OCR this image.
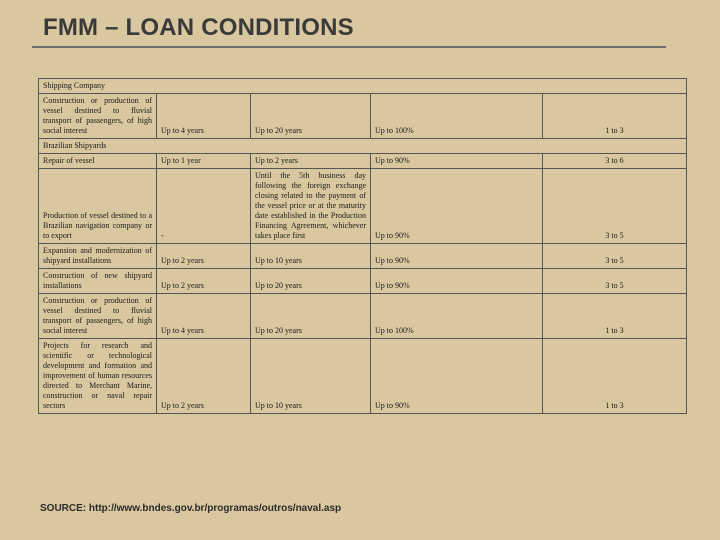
FMM – LOAN CONDITIONS
Shipping Company				
Construction or production of vessel destined to fluvial transport of passengers, of high social interest	Up to 4 years	Up to 20 years	Up to 100%	1 to 3
Brazilian Shipyards				
Repair of vessel	Up to 1 year	Up to 2 years	Up to 90%	3 to 6
Production of vessel destined to a Brazilian navigation company or to export	-	Until the 5th business day following the foreign exchange closing related to the payment of the vessel price or at the maturity date established in the Production Financing Agreement, whichever takes place first	Up to 90%	3 to 5
Expansion and modernization of shipyard installations	Up to 2 years	Up to 10 years	Up to 90%	3 to 5
Construction of new shipyard installations	Up to 2 years	Up to 20 years	Up to 90%	3 to 5
Construction or production of vessel destined to fluvial transport of passengers, of high social interest	Up to 4 years	Up to 20 years	Up to 100%	1 to 3
Projects for research and scientific or technological development and formation and improvement of human resources directed to Merchant Marine, construction or naval repair sectors	Up to 2 years	Up to 10 years	Up to 90%	1 to 3
SOURCE: http://www.bndes.gov.br/programas/outros/naval.asp
